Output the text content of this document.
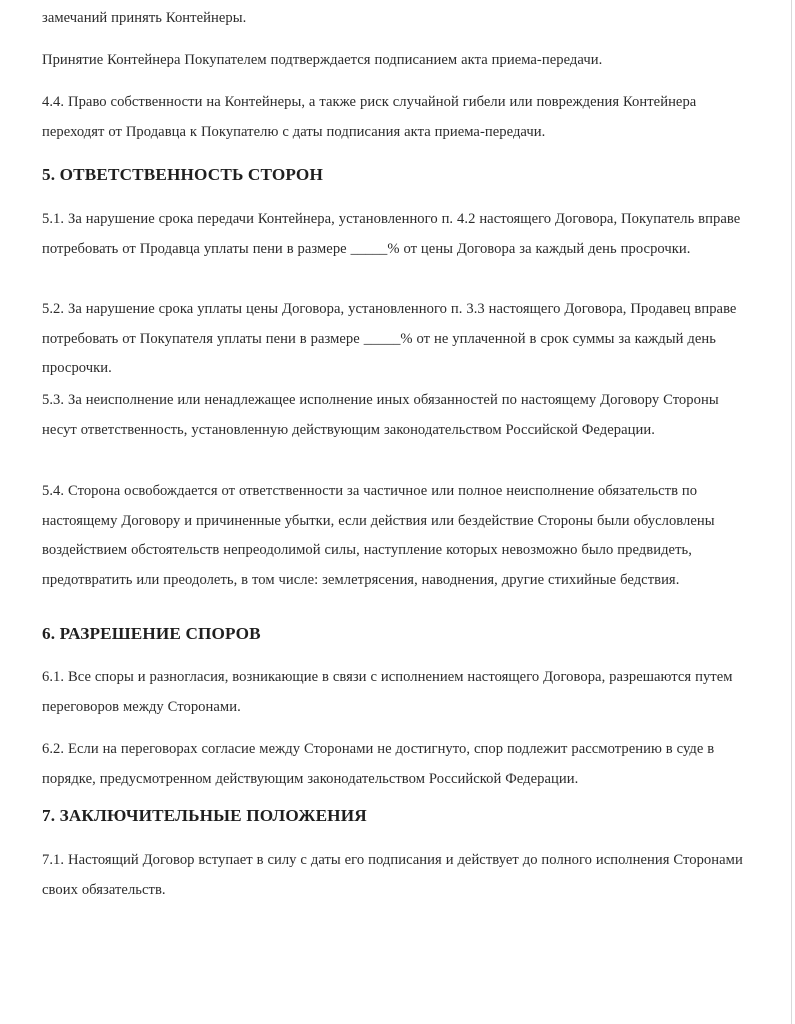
замечаний принять Контейнеры.
Принятие Контейнера Покупателем подтверждается подписанием акта приема-передачи.
4.4. Право собственности на Контейнеры, а также риск случайной гибели или повреждения Контейнера переходят от Продавца к Покупателю с даты подписания акта приема-передачи.
5. ОТВЕТСТВЕННОСТЬ СТОРОН
5.1. За нарушение срока передачи Контейнера, установленного п. 4.2 настоящего Договора, Покупатель вправе потребовать от Продавца уплаты пени в размере _____% от цены Договора за каждый день просрочки.
5.2. За нарушение срока уплаты цены Договора, установленного п. 3.3 настоящего Договора, Продавец вправе потребовать от Покупателя уплаты пени в размере _____% от не уплаченной в срок суммы за каждый день просрочки.
5.3. За неисполнение или ненадлежащее исполнение иных обязанностей по настоящему Договору Стороны несут ответственность, установленную действующим законодательством Российской Федерации.
5.4. Сторона освобождается от ответственности за частичное или полное неисполнение обязательств по настоящему Договору и причиненные убытки, если действия или бездействие Стороны были обусловлены воздействием обстоятельств непреодолимой силы, наступление которых невозможно было предвидеть, предотвратить или преодолеть, в том числе: землетрясения, наводнения, другие стихийные бедствия.
6. РАЗРЕШЕНИЕ СПОРОВ
6.1. Все споры и разногласия, возникающие в связи с исполнением настоящего Договора, разрешаются путем переговоров между Сторонами.
6.2. Если на переговорах согласие между Сторонами не достигнуто, спор подлежит рассмотрению в суде в порядке, предусмотренном действующим законодательством Российской Федерации.
7. ЗАКЛЮЧИТЕЛЬНЫЕ ПОЛОЖЕНИЯ
7.1. Настоящий Договор вступает в силу с даты его подписания и действует до полного исполнения Сторонами своих обязательств.
